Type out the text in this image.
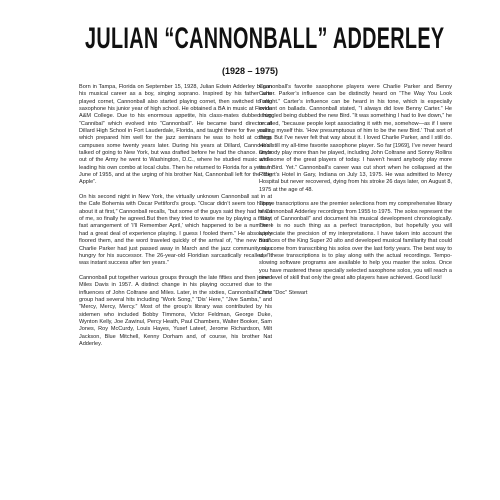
JULIAN “CANNONBALL” ADDERLEY
(1928 – 1975)

Born in Tampa, Florida on September 15, 1928, Julian Edwin Adderley began his musical career as a boy, singing soprano. Inspired by his father who played cornet, Cannonball also started playing cornet, then switched to alto saxophone his junior year of high school. He obtained a BA in music at Florida A&M College. Due to his enormous appetite, his class-mates dubbed him “Cannibal” which evolved into “Cannonball”. He became band director at Dillard High School in Fort Lauderdale, Florida, and taught there for five years, which prepared him well for the jazz seminars he was to hold at college campuses some twenty years later. During his years at Dillard, Cannonball talked of going to New York, but was drafted before he had the chance. Once out of the Army he went to Washington, D.C., where he studied music while leading his own combo at local clubs. Then he returned to Florida for a year. In June of 1955, and at the urging of his brother Nat, Cannonball left for the “Big Apple”.

On his second night in New York, the virtually unknown Cannonball sat in at the Cafe Bohemia with Oscar Pettiford’s group. “Oscar didn’t seem too happy about it at first,” Cannonball recalls, “but some of the guys said they had heard of me, so finally he agreed.But then they tried to waste me by playing a tricky, fast arrangement of ‘I’ll Remember April,’ which happened to be a number I had a great deal of experience playing. I guess I fooled them.” He absolutely floored them, and the word traveled quickly of the arrival of, “the new Bird”. Charlie Parker had just passed away in March and the jazz community was hungry for his successor. The 26-year-old Floridian sarcastically recalled, “It was instant success after ten years.”

Cannonball put together various groups through the late fifties and then joined Miles Davis in 1957. A distinct change in his playing occurred due to the influences of John Coltrane and Miles. Later, in the sixties, Cannonball’s new group had several hits including “Work Song,” “Dis’ Here,” “Jive Samba,” and “Mercy, Mercy, Mercy.” Most of the group’s library was contributed by his sidemen who included Bobby Timmons, Victor Feldman, George Duke, Wynton Kelly, Joe Zawinul, Percy Heath, Paul Chambers, Walter Booker, Sam Jones, Roy McCurdy, Louis Hayes, Yusef Lateef, Jerome Richardson, Milt Jackson, Blue Mitchell, Kenny Dorham and, of course, his brother Nat Adderley.

Cannonball’s favorite saxophone players were Charlie Parker and Benny Carter. Parker’s influence can be distinctly heard on “The Way You Look Tonight.” Carter’s influence can be heard in his tone, which is especially evident on ballads. Cannonball stated, “I always did love Benny Carter.” He struggled being dubbed the new Bird. “It was something I had to live down,” he recalled, “because people kept associating it with me, somehow—as if I were calling myself this. ‘How presumptuous of him to be the new Bird.’ That sort of thing. But I’ve never felt that way about it. I loved Charlie Parker, and I still do. He’s still my all-time favorite saxophone player. So far [1969], I’ve never heard anybody play more than he played, including John Coltrane and Sonny Rollins and some of the great players of today. I haven’t heard anybody play more than Bird. Yet.” Cannonball’s career was cut short when he collapsed at the Robert’s Hotel in Gary, Indiana on July 13, 1975. He was admitted to Mercy Hospital but never recovered, dying from his stroke 26 days later, on August 8, 1975 at the age of 48.

These transcriptions are the premier selections from my comprehensive library of Cannonball Adderley recordings from 1955 to 1975. The solos represent the “Best of Cannonball” and document his musical development chronologically. There is no such thing as a perfect transcription, but hopefully you will appreciate the precision of my interpretations. I have taken into account the nuances of the King Super 20 alto and developed musical familiarity that could only come from transcribing his solos over the last forty years. The best way to use these transcriptions is to play along with the actual recordings. Tempo-slowing software programs are available to help you master the solos. Once you have mastered these specially selected saxophone solos, you will reach a new level of skill that only the great alto players have achieved. Good luck!

Chris “Doc” Stewart
